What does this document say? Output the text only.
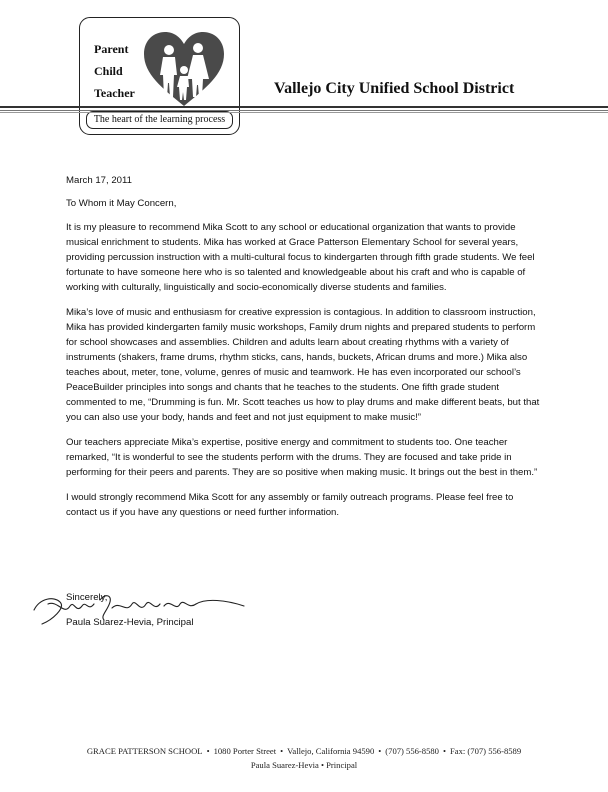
Parent
Child
Teacher
The heart of the learning process
Vallejo City Unified School District

March 17, 2011

To Whom it May Concern,

It is my pleasure to recommend Mika Scott to any school or educational organization that wants to provide musical enrichment to students. Mika has worked at Grace Patterson Elementary School for several years, providing percussion instruction with a multi-cultural focus to kindergarten through fifth grade students. We feel fortunate to have someone here who is so talented and knowledgeable about his craft and who is capable of working with culturally, linguistically and socio-economically diverse students and families.

Mika’s love of music and enthusiasm for creative expression is contagious. In addition to classroom instruction, Mika has provided kindergarten family music workshops, Family drum nights and prepared students to perform for school showcases and assemblies. Children and adults learn about creating rhythms with a variety of instruments (shakers, frame drums, rhythm sticks, cans, hands, buckets, African drums and more.) Mika also teaches about, meter, tone, volume, genres of music and teamwork. He has even incorporated our school’s PeaceBuilder principles into songs and chants that he teaches to the students. One fifth grade student commented to me, “Drumming is fun. Mr. Scott teaches us how to play drums and make different beats, but that you can also use your body, hands and feet and not just equipment to make music!”

Our teachers appreciate Mika’s expertise, positive energy and commitment to students too. One teacher remarked, “It is wonderful to see the students perform with the drums. They are focused and take pride in performing for their peers and parents. They are so positive when making music. It brings out the best in them.”

I would strongly recommend Mika Scott for any assembly or family outreach programs. Please feel free to contact us if you have any questions or need further information.

Sincerely,
Paula Suarez-Hevia, Principal
GRACE PATTERSON SCHOOL • 1080 Porter Street • Vallejo, California 94590 • (707) 556-8580 • Fax: (707) 556-8589
Paula Suarez-Hevia • Principal
